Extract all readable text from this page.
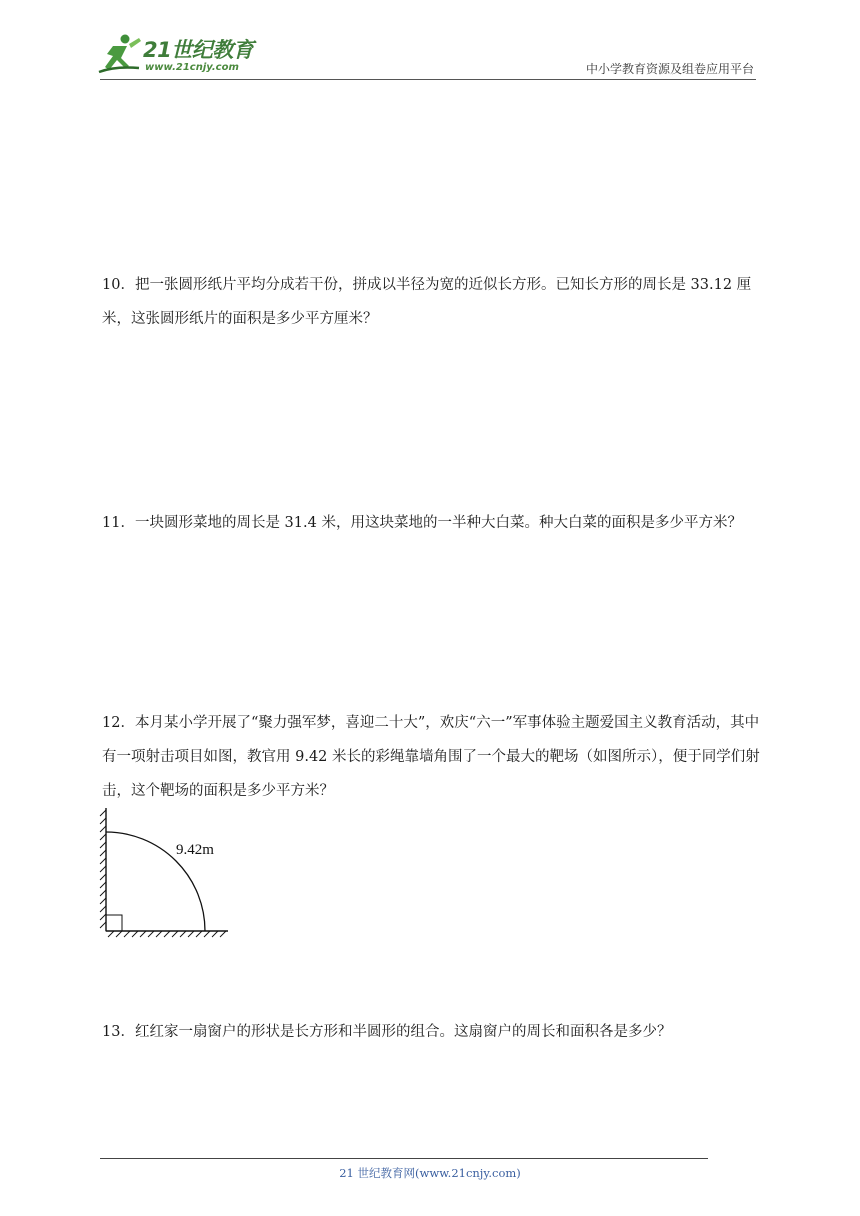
21世纪教育
www.21cnjy.com	中小学教育资源及组卷应用平台

10．把一张圆形纸片平均分成若干份，拼成以半径为宽的近似长方形。已知长方形的周长是 33.12 厘米，这张圆形纸片的面积是多少平方厘米？

11．一块圆形菜地的周长是 31.4 米，用这块菜地的一半种大白菜。种大白菜的面积是多少平方米？

12．本月某小学开展了“聚力强军梦，喜迎二十大”，欢庆“六一”军事体验主题爱国主义教育活动，其中有一项射击项目如图，教官用 9.42 米长的彩绳靠墙角围了一个最大的靶场（如图所示），便于同学们射击，这个靶场的面积是多少平方米？

9.42m

13．红红家一扇窗户的形状是长方形和半圆形的组合。这扇窗户的周长和面积各是多少？

21 世纪教育网(www.21cnjy.com)
